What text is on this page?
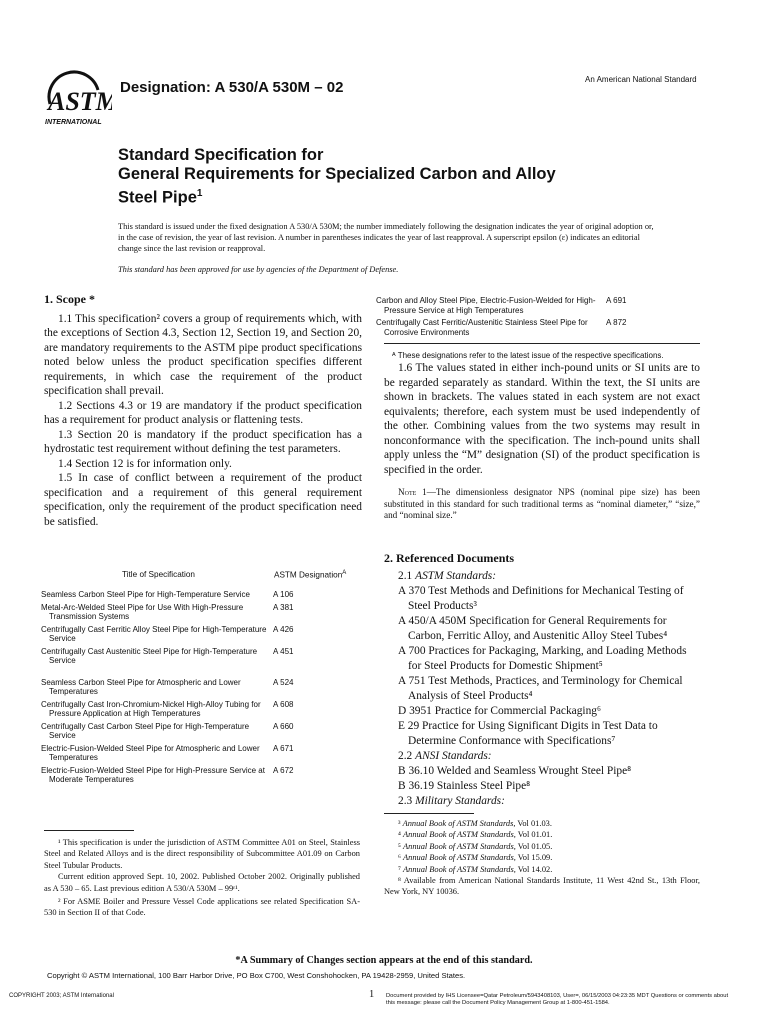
ASTM
INTERNATIONAL
Designation: A 530/A 530M – 02	An American National Standard
Standard Specification for
General Requirements for Specialized Carbon and Alloy
Steel Pipe$^1$
This standard is issued under the fixed designation A 530/A 530M; the number immediately following the designation indicates the year of original adoption or, in the case of revision, the year of last revision. A number in parentheses indicates the year of last reapproval. A superscript epsilon (ε) indicates an editorial change since the last revision or reapproval.
This standard has been approved for use by agencies of the Department of Defense.
1. Scope *

1.1 This specification² covers a group of requirements which, with the exceptions of Section 4.3, Section 12, Section 19, and Section 20, are mandatory requirements to the ASTM pipe product specifications noted below unless the product specification specifies different requirements, in which case the requirement of the product specification shall prevail.

1.2 Sections 4.3 or 19 are mandatory if the product specification has a requirement for product analysis or flattening tests.

1.3 Section 20 is mandatory if the product specification has a hydrostatic test requirement without defining the test parameters.

1.4 Section 12 is for information only.

1.5 In case of conflict between a requirement of the product specification and a requirement of this general requirement specification, only the requirement of the product specification need be satisfied.

Title of Specification	ASTM Designation$^A$
Seamless Carbon Steel Pipe for High-Temperature Service	A 106
Metal-Arc-Welded Steel Pipe for Use With High-Pressure Transmission Systems	A 381
Centrifugally Cast Ferritic Alloy Steel Pipe for High-Temperature Service	A 426
Centrifugally Cast Austenitic Steel Pipe for High-Temperature Service	A 451
Seamless Carbon Steel Pipe for Atmospheric and Lower Temperatures	A 524
Centrifugally Cast Iron-Chromium-Nickel High-Alloy Tubing for Pressure Application at High Temperatures	A 608
Centrifugally Cast Carbon Steel Pipe for High-Temperature Service	A 660
Electric-Fusion-Welded Steel Pipe for Atmospheric and Lower Temperatures	A 671
Electric-Fusion-Welded Steel Pipe for High-Pressure Service at Moderate Temperatures	A 672
Carbon and Alloy Steel Pipe, Electric-Fusion-Welded for High-Pressure Service at High Temperatures	A 691
Centrifugally Cast Ferritic/Austenitic Stainless Steel Pipe for Corrosive Environments	A 872
ᴬ These designations refer to the latest issue of the respective specifications.

1.6 The values stated in either inch-pound units or SI units are to be regarded separately as standard. Within the text, the SI units are shown in brackets. The values stated in each system are not exact equivalents; therefore, each system must be used independently of the other. Combining values from the two systems may result in nonconformance with the specification. The inch-pound units shall apply unless the “M” designation (SI) of the product specification is specified in the order.

Note 1—The dimensionless designator NPS (nominal pipe size) has been substituted in this standard for such traditional terms as “nominal diameter,” “size,” and “nominal size.”

2. Referenced Documents

2.1 ASTM Standards:

A 370 Test Methods and Definitions for Mechanical Testing of Steel Products³

A 450/A 450M Specification for General Requirements for Carbon, Ferritic Alloy, and Austenitic Alloy Steel Tubes⁴

A 700 Practices for Packaging, Marking, and Loading Methods for Steel Products for Domestic Shipment⁵

A 751 Test Methods, Practices, and Terminology for Chemical Analysis of Steel Products⁴

D 3951 Practice for Commercial Packaging⁶

E 29 Practice for Using Significant Digits in Test Data to Determine Conformance with Specifications⁷

2.2 ANSI Standards:

B 36.10 Welded and Seamless Wrought Steel Pipe⁸

B 36.19 Stainless Steel Pipe⁸

2.3 Military Standards:

¹ This specification is under the jurisdiction of ASTM Committee A01 on Steel, Stainless Steel and Related Alloys and is the direct responsibility of Subcommittee A01.09 on Carbon Steel Tubular Products.

Current edition approved Sept. 10, 2002. Published October 2002. Originally published as A 530 – 65. Last previous edition A 530/A 530M – 99ᵋ¹.

² For ASME Boiler and Pressure Vessel Code applications see related Specification SA-530 in Section II of that Code.

³ Annual Book of ASTM Standards, Vol 01.03.

⁴ Annual Book of ASTM Standards, Vol 01.01.

⁵ Annual Book of ASTM Standards, Vol 01.05.

⁶ Annual Book of ASTM Standards, Vol 15.09.

⁷ Annual Book of ASTM Standards, Vol 14.02.

⁸ Available from American National Standards Institute, 11 West 42nd St., 13th Floor, New York, NY 10036.

*A Summary of Changes section appears at the end of this standard.
Copyright © ASTM International, 100 Barr Harbor Drive, PO Box C700, West Conshohocken, PA 19428-2959, United States.
COPYRIGHT 2003; ASTM International	1 Document provided by IHS Licensee=Qatar Petroleum/5943408103, User=, 06/15/2003 04:23:35 MDT Questions or comments about this message: please call the Document Policy Management Group at 1-800-451-1584.
